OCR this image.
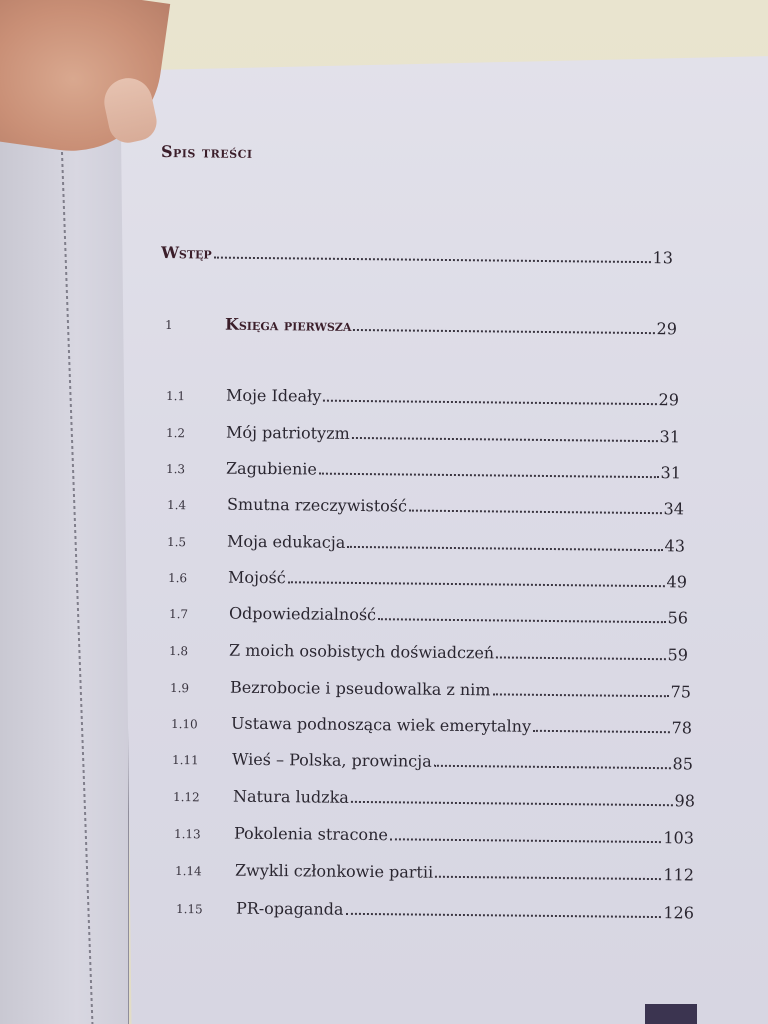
Spis treści
Wstęp	13
1	Księga pierwsza	29
1.1	Moje Ideały	29
1.2	Mój patriotyzm	31
1.3	Zagubienie	31
1.4	Smutna rzeczywistość	34
1.5	Moja edukacja	43
1.6	Mojość	49
1.7	Odpowiedzialność	56
1.8	Z moich osobistych doświadczeń	59
1.9	Bezrobocie i pseudowalka z nim	75
1.10	Ustawa podnosząca wiek emerytalny	78
1.11	Wieś – Polska, prowincja	85
1.12	Natura ludzka	98
1.13	Pokolenia stracone	103
1.14	Zwykli członkowie partii	112
1.15	PR-opaganda	126
